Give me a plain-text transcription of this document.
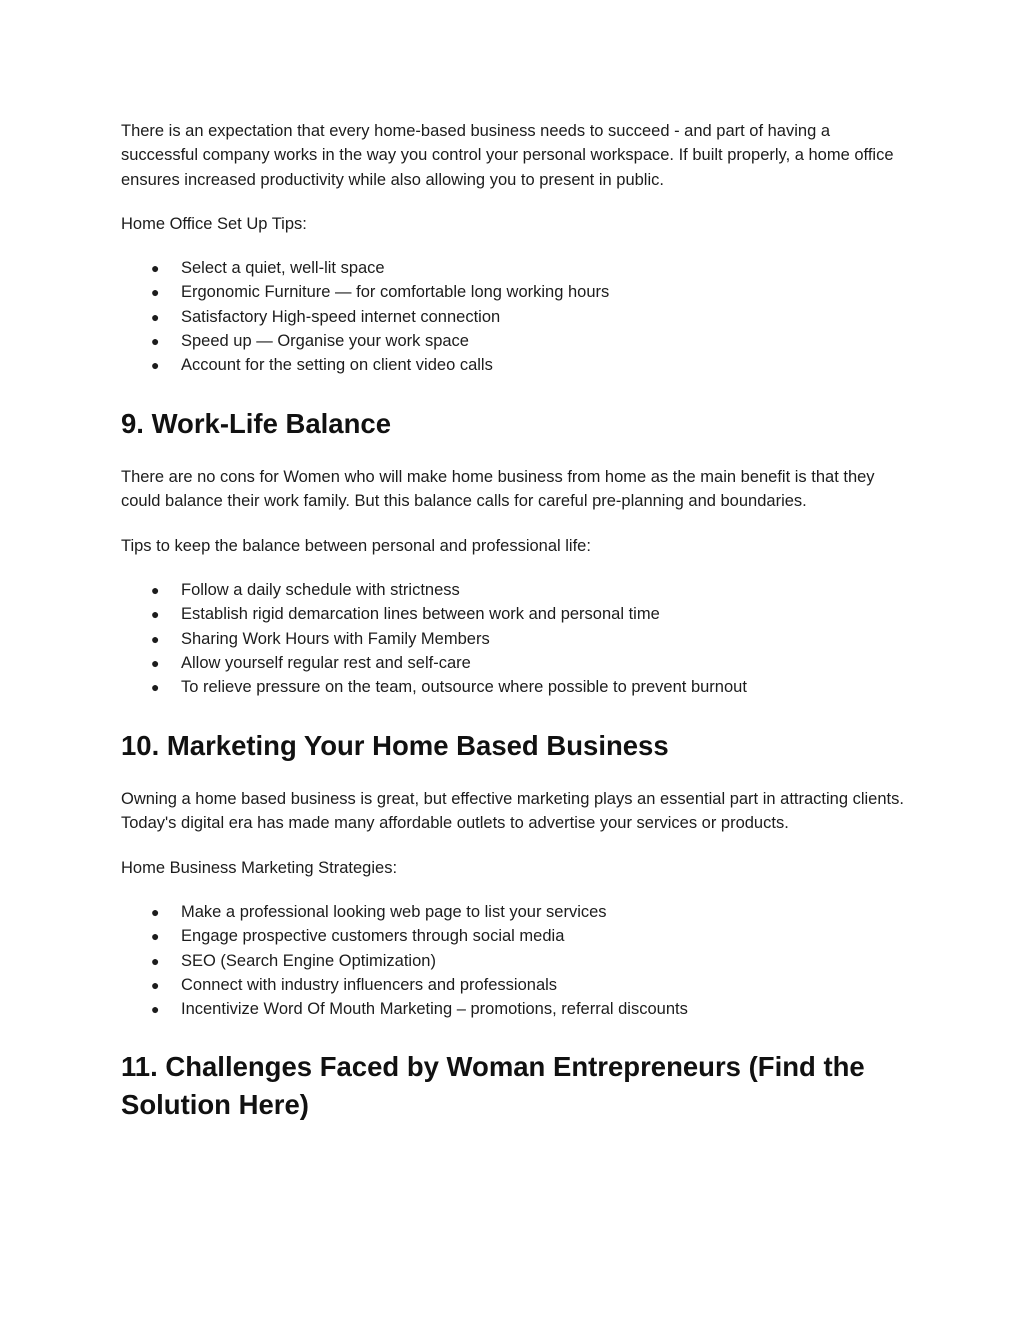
There is an expectation that every home-based business needs to succeed - and part of having a successful company works in the way you control your personal workspace. If built properly, a home office ensures increased productivity while also allowing you to present in public.

Home Office Set Up Tips:

● Select a quiet, well-lit space
● Ergonomic Furniture — for comfortable long working hours
● Satisfactory High-speed internet connection
● Speed up — Organise your work space
● Account for the setting on client video calls
9. Work-Life Balance

There are no cons for Women who will make home business from home as the main benefit is that they could balance their work family. But this balance calls for careful pre-planning and boundaries.

Tips to keep the balance between personal and professional life:

● Follow a daily schedule with strictness
● Establish rigid demarcation lines between work and personal time
● Sharing Work Hours with Family Members
● Allow yourself regular rest and self-care
● To relieve pressure on the team, outsource where possible to prevent burnout
10. Marketing Your Home Based Business

Owning a home based business is great, but effective marketing plays an essential part in attracting clients. Today's digital era has made many affordable outlets to advertise your services or products.

Home Business Marketing Strategies:

● Make a professional looking web page to list your services
● Engage prospective customers through social media
● SEO (Search Engine Optimization)
● Connect with industry influencers and professionals
● Incentivize Word Of Mouth Marketing – promotions, referral discounts
11. Challenges Faced by Woman Entrepreneurs (Find the Solution Here)
